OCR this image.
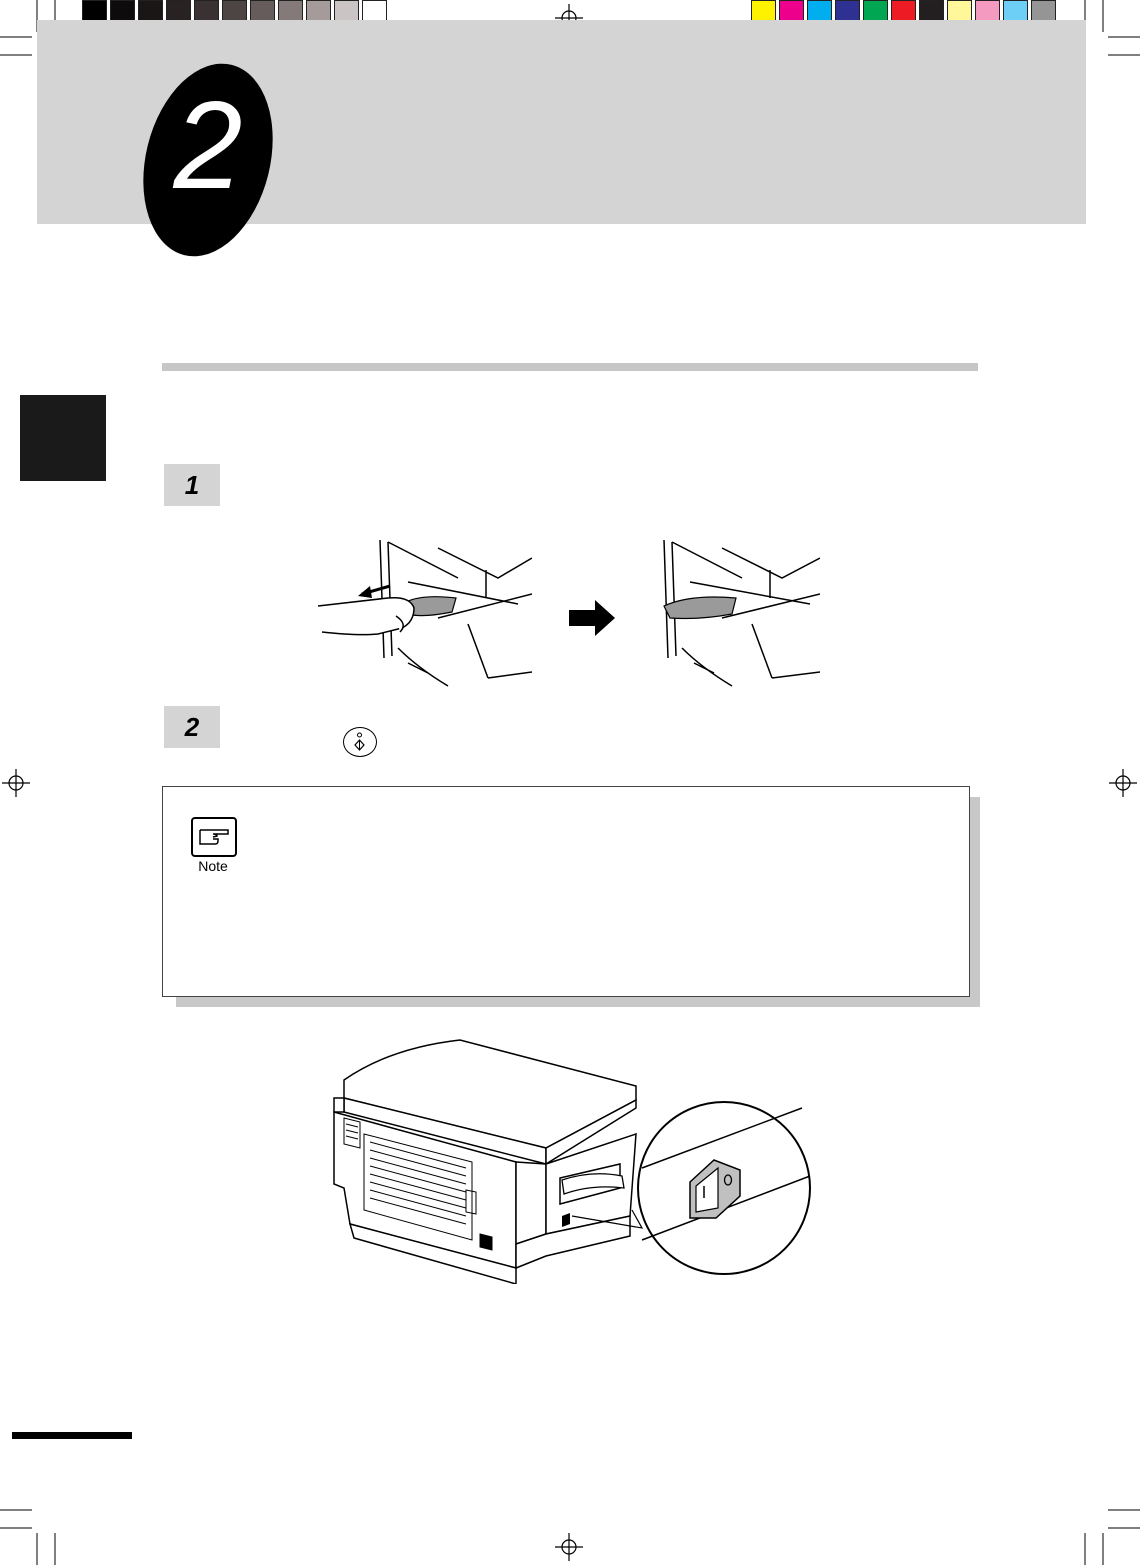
2
1
2
Note
